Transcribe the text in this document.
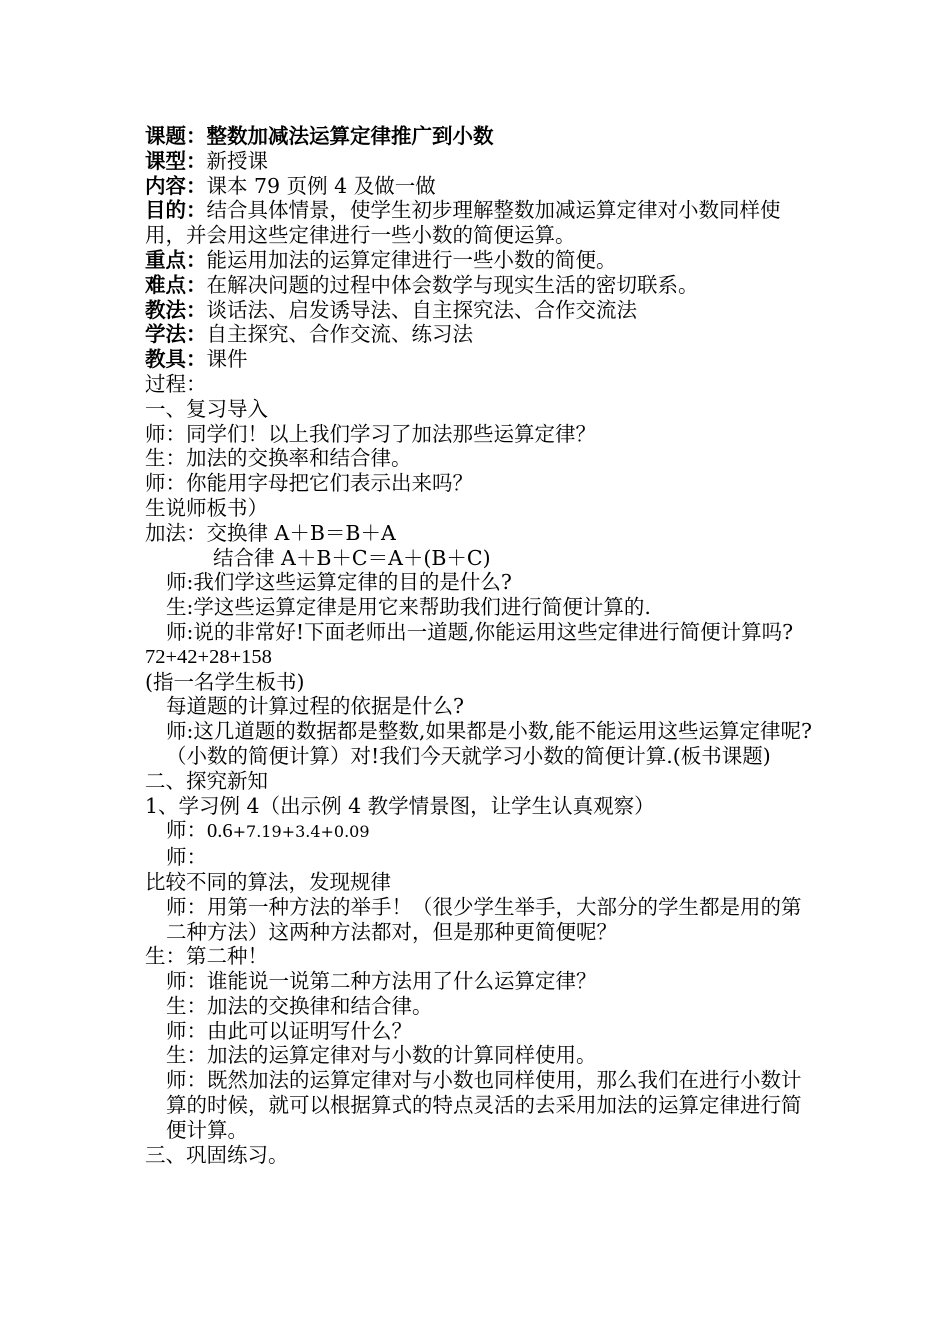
课题：整数加减法运算定律推广到小数
课型：新授课
内容：课本 79 页例 4 及做一做
目的：结合具体情景，使学生初步理解整数加减运算定律对小数同样使用，并会用这些定律进行一些小数的简便运算。
重点：能运用加法的运算定律进行一些小数的简便。
难点：在解决问题的过程中体会数学与现实生活的密切联系。
教法：谈话法、启发诱导法、自主探究法、合作交流法
学法：自主探究、合作交流、练习法
教具：课件
过程：
一、复习导入
师：同学们！以上我们学习了加法那些运算定律？
生：加法的交换率和结合律。
师：你能用字母把它们表示出来吗？
生说师板书）
加法：交换律 A＋B＝B＋A
结合律 A＋B＋C＝A＋(B＋C)
师:我们学这些运算定律的目的是什么?
生:学这些运算定律是用它来帮助我们进行简便计算的.
师:说的非常好!下面老师出一道题,你能运用这些定律进行简便计算吗?
72+42+28+158
(指一名学生板书)
每道题的计算过程的依据是什么?
师:这几道题的数据都是整数,如果都是小数,能不能运用这些运算定律呢?（小数的简便计算）对!我们今天就学习小数的简便计算.(板书课题)
二、探究新知
1、学习例 4（出示例 4 教学情景图，让学生认真观察）
师：0.6+7.19+3.4+0.09
师：
比较不同的算法，发现规律
师：用第一种方法的举手！（很少学生举手，大部分的学生都是用的第二种方法）这两种方法都对，但是那种更简便呢？
生：第二种！
师：谁能说一说第二种方法用了什么运算定律？
生：加法的交换律和结合律。
师：由此可以证明写什么？
生：加法的运算定律对与小数的计算同样使用。
师：既然加法的运算定律对与小数也同样使用，那么我们在进行小数计算的时候，就可以根据算式的特点灵活的去采用加法的运算定律进行简便计算。
三、巩固练习。
